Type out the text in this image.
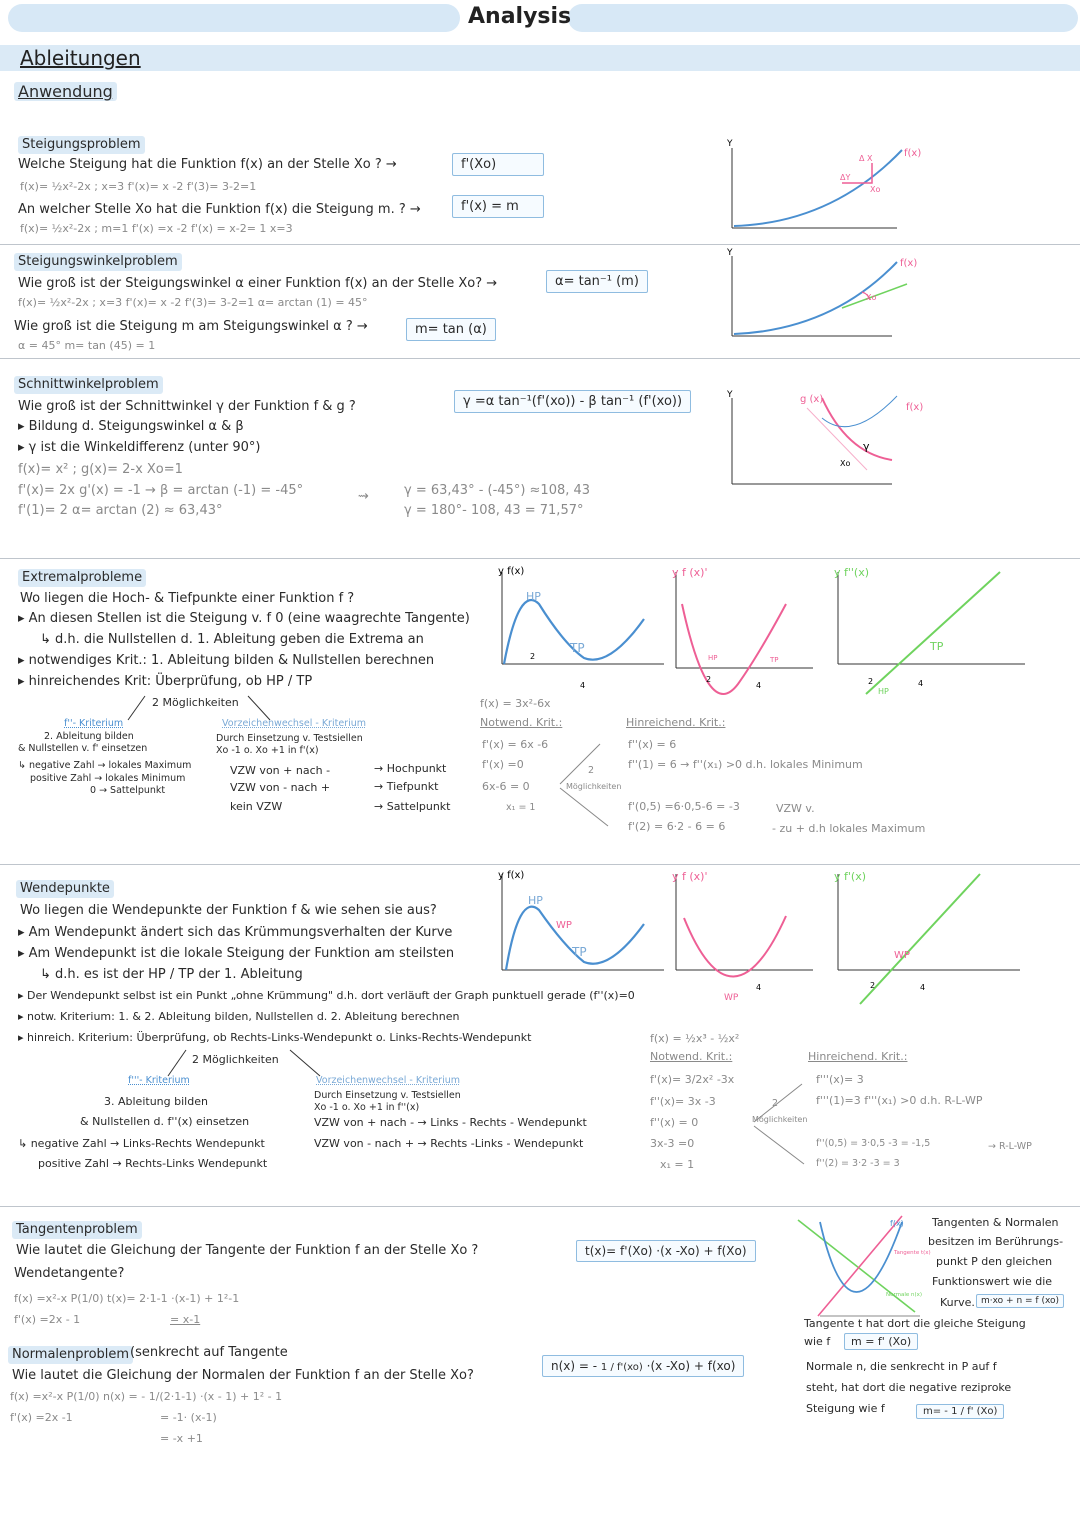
Analysis
Ableitungen
Anwendung
Steigungsproblem
Welche Steigung hat die Funktion f(x) an der Stelle Xo ? →	f'(Xo)
f(x)= ½x²-2x ; x=3 f'(x)= x -2 f'(3)= 3-2=1
An welcher Stelle Xo hat die Funktion f(x) die Steigung m. ? →	f'(x) = m
f(x)= ½x²-2x ; m=1 f'(x) =x -2 f'(x) = x-2= 1 x=3
Y
ΔY
Δ X
Xo
f(x)
Steigungswinkelproblem
Wie groß ist der Steigungswinkel α einer Funktion f(x) an der Stelle Xo? →	α= tan⁻¹ (m)
f(x)= ½x²-2x ; x=3 f'(x)= x -2 f'(3)= 3-2=1 α= arctan (1) = 45°
Wie groß ist die Steigung m am Steigungswinkel α ? →	m= tan (α)
α = 45° m= tan (45) = 1
Y
Xo
f(x)
Schnittwinkelproblem
Wie groß ist der Schnittwinkel γ der Funktion f & g ?	γ =α tan⁻¹(f'(xo)) - β tan⁻¹ (f'(xo))
▸ Bildung d. Steigungswinkel α & β
▸ γ ist die Winkeldifferenz (unter 90°)
f(x)= x² ; g(x)= 2-x Xo=1
f'(x)= 2x g'(x) = -1 → β = arctan (-1) = -45°
f'(1)= 2 α= arctan (2) ≈ 63,43°
γ = 63,43° - (-45°) ≈108, 43
γ = 180°- 108, 43 = 71,57°
⇝
Y	g (x)
f(x)
Xo
γ
Extremalprobleme
Wo liegen die Hoch- & Tiefpunkte einer Funktion f ?
▸ An diesen Stellen ist die Steigung v. f 0 (eine waagrechte Tangente)
↳ d.h. die Nullstellen d. 1. Ableitung geben die Extrema an
▸ notwendiges Krit.: 1. Ableitung bilden & Nullstellen berechnen
▸ hinreichendes Krit: Überprüfung, ob HP / TP
2 Möglichkeiten
f''- Kriterium
2. Ableitung bilden
& Nullstellen v. f' einsetzen
↳ negative Zahl → lokales Maximum
positive Zahl → lokales Minimum
0 → Sattelpunkt
Vorzeichenwechsel - Kriterium
Durch Einsetzung v. Testsiellen
Xo -1 o. Xo +1 in f'(x)
VZW von + nach -	→ Hochpunkt
VZW von - nach +	→ Tiefpunkt
kein VZW	→ Sattelpunkt
f(x) = 3x²-6x
Notwend. Krit.:
f'(x) = 6x -6
f'(x) =0
6x-6 = 0
x₁ = 1
2
Möglichkeiten
Hinreichend. Krit.:
f''(x) = 6
f''(1) = 6 → f''(x₁) >0 d.h. lokales Minimum
f'(0,5) =6·0,5-6 = -3	VZW v.
f'(2) = 6·2 - 6 = 6	- zu + d.h lokales Maximum
y f(x)
HP
TP
2
4
y f (x)'
HP	TP
2
4
y f''(x)
HP
TP
2	4
Wendepunkte
Wo liegen die Wendepunkte der Funktion f & wie sehen sie aus?
▸ Am Wendepunkt ändert sich das Krümmungsverhalten der Kurve
▸ Am Wendepunkt ist die lokale Steigung der Funktion am steilsten
↳ d.h. es ist der HP / TP der 1. Ableitung
▸ Der Wendepunkt selbst ist ein Punkt „ohne Krümmung" d.h. dort verläuft der Graph punktuell gerade (f''(x)=0
▸ notw. Kriterium: 1. & 2. Ableitung bilden, Nullstellen d. 2. Ableitung berechnen
▸ hinreich. Kriterium: Überprüfung, ob Rechts-Links-Wendepunkt o. Links-Rechts-Wendepunkt
2 Möglichkeiten
f'''- Kriterium
3. Ableitung bilden
& Nullstellen d. f''(x) einsetzen
↳ negative Zahl → Links-Rechts Wendepunkt
positive Zahl → Rechts-Links Wendepunkt
Vorzeichenwechsel - Kriterium
Durch Einsetzung v. Testsiellen
Xo -1 o. Xo +1 in f''(x)
VZW von + nach - → Links - Rechts - Wendepunkt
VZW von - nach + → Rechts -Links - Wendepunkt
f(x) = ½x³ - ½x²
Notwend. Krit.:
f'(x)= 3/2x² -3x
f''(x)= 3x -3
f''(x) = 0
3x-3 =0
x₁ = 1
2
Möglichkeiten
Hinreichend. Krit.:
f'''(x)= 3
f'''(1)=3 f'''(x₁) >0 d.h. R-L-WP
f''(0,5) = 3·0,5 -3 = -1,5
f''(2) = 3·2 -3 = 3
→ R-L-WP
y f(x)
HP
WP
TP
y f (x)'
WP
4
y f'(x)
WP
2	4
Tangentenproblem
Wie lautet die Gleichung der Tangente der Funktion f an der Stelle Xo ?
Wendetangente?
t(x)= f'(Xo) ·(x -Xo) + f(Xo)
f(x) =x²-x P(1/0) t(x)= 2·1-1 ·(x-1) + 1²-1
f'(x) =2x - 1	= x-1
f(x)
Tangente t(x)
Normale n(x)
Tangenten & Normalen
besitzen im Berührungs-
punkt P den gleichen
Funktionswert wie die
Kurve. m·xo + n = f (xo)
Tangente t hat dort die gleiche Steigung
wie f	m = f' (Xo)
Normalenproblem (senkrecht auf Tangente
Wie lautet die Gleichung der Normalen der Funktion f an der Stelle Xo?
n(x) = - 1 / f'(xo) ·(x -Xo) + f(xo)
f(x) =x²-x P(1/0) n(x) = - 1/(2·1-1) ·(x - 1) + 1² - 1
f'(x) =2x -1	= -1· (x-1)
= -x +1
Normale n, die senkrecht in P auf f
steht, hat dort die negative reziproke
Steigung wie f	m= - 1 / f' (Xo)
